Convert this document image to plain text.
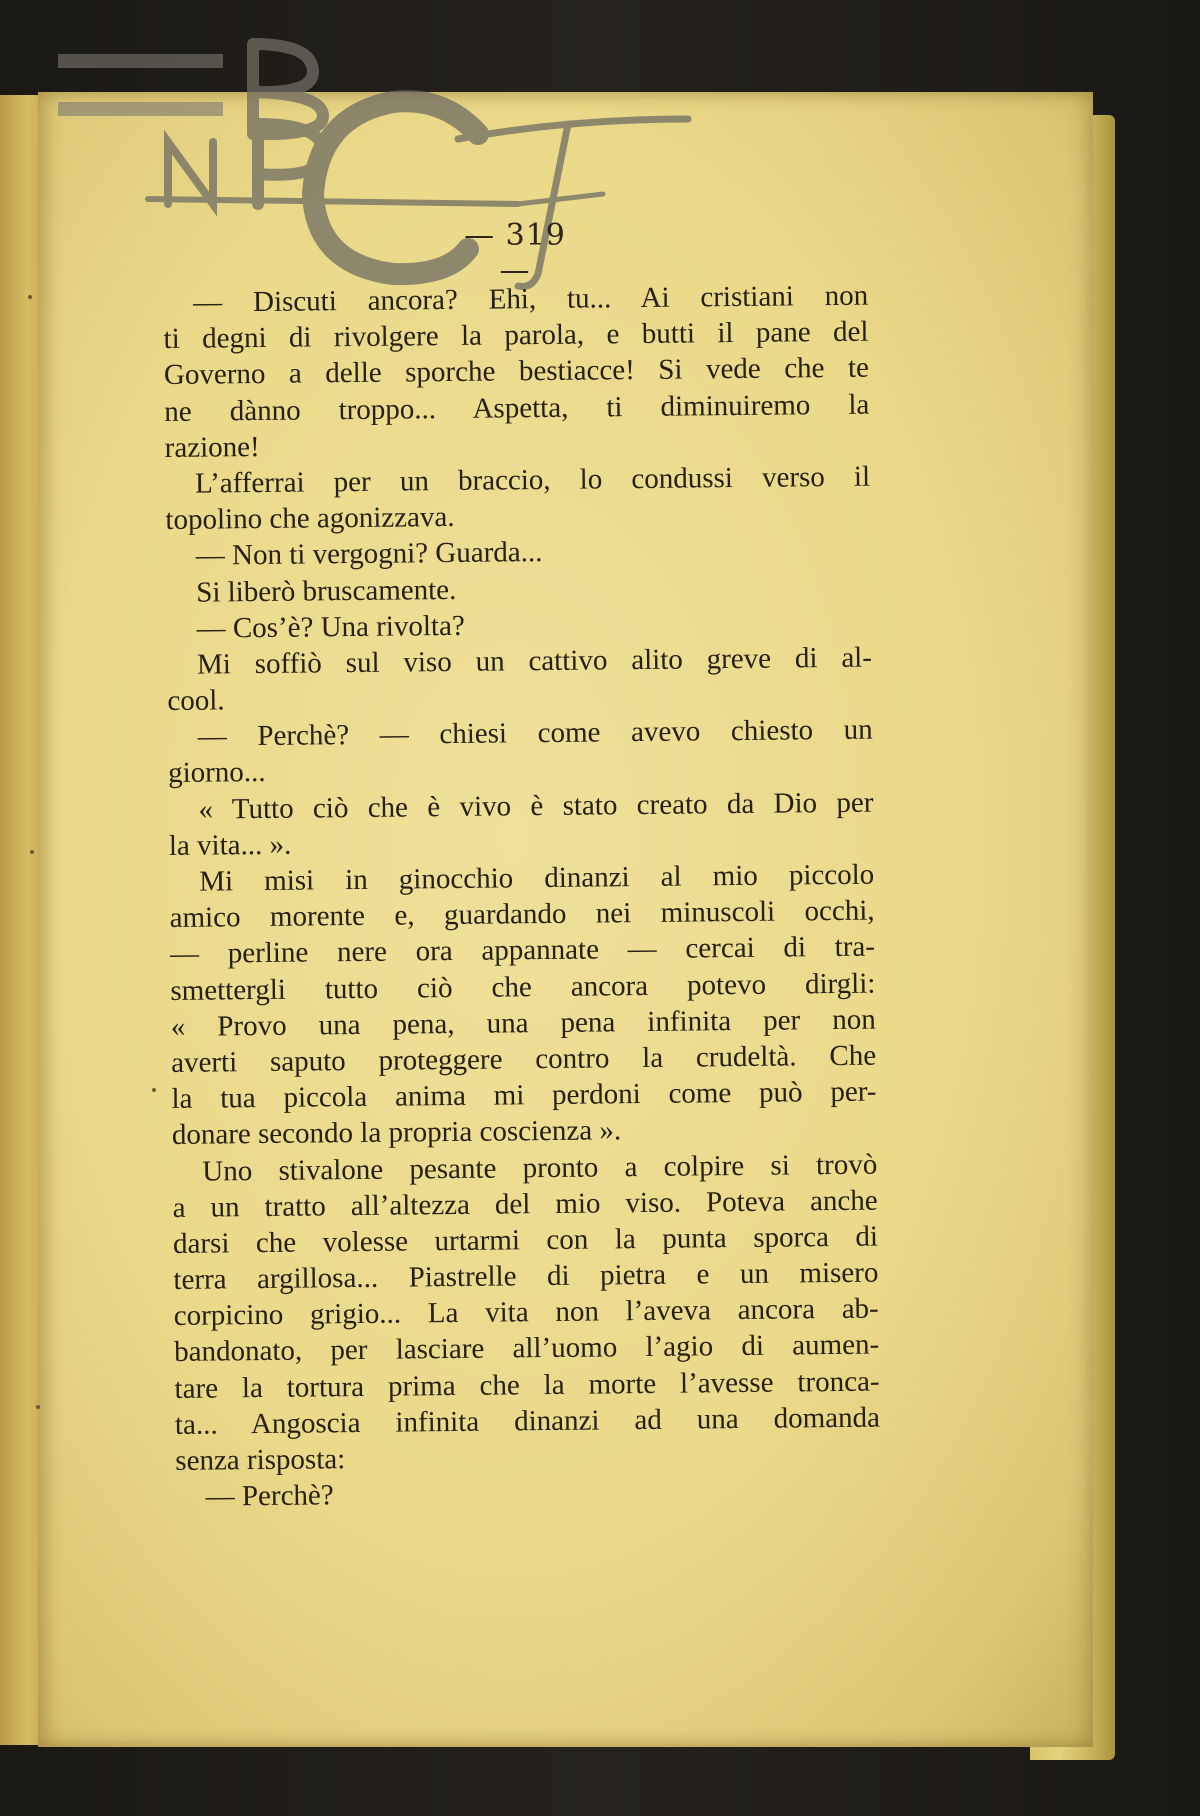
— 319 —
— Discuti ancora? Ehi, tu... Ai cristiani non
ti degni di rivolgere la parola, e butti il pane del
Governo a delle sporche bestiacce! Si vede che te
ne dànno troppo... Aspetta, ti diminuiremo la
razione!
L’afferrai per un braccio, lo condussi verso il
topolino che agonizzava.
— Non ti vergogni? Guarda...
Si liberò bruscamente.
— Cos’è? Una rivolta?
Mi soffiò sul viso un cattivo alito greve di al-
cool.
— Perchè? — chiesi come avevo chiesto un
giorno...
« Tutto ciò che è vivo è stato creato da Dio per
la vita... ».
Mi misi in ginocchio dinanzi al mio piccolo
amico morente e, guardando nei minuscoli occhi,
— perline nere ora appannate — cercai di tra-
smettergli tutto ciò che ancora potevo dirgli:
« Provo una pena, una pena infinita per non
averti saputo proteggere contro la crudeltà. Che
la tua piccola anima mi perdoni come può per-
donare secondo la propria coscienza ».
Uno stivalone pesante pronto a colpire si trovò
a un tratto all’altezza del mio viso. Poteva anche
darsi che volesse urtarmi con la punta sporca di
terra argillosa... Piastrelle di pietra e un misero
corpicino grigio... La vita non l’aveva ancora ab-
bandonato, per lasciare all’uomo l’agio di aumen-
tare la tortura prima che la morte l’avesse tronca-
ta... Angoscia infinita dinanzi ad una domanda
senza risposta:
— Perchè?
